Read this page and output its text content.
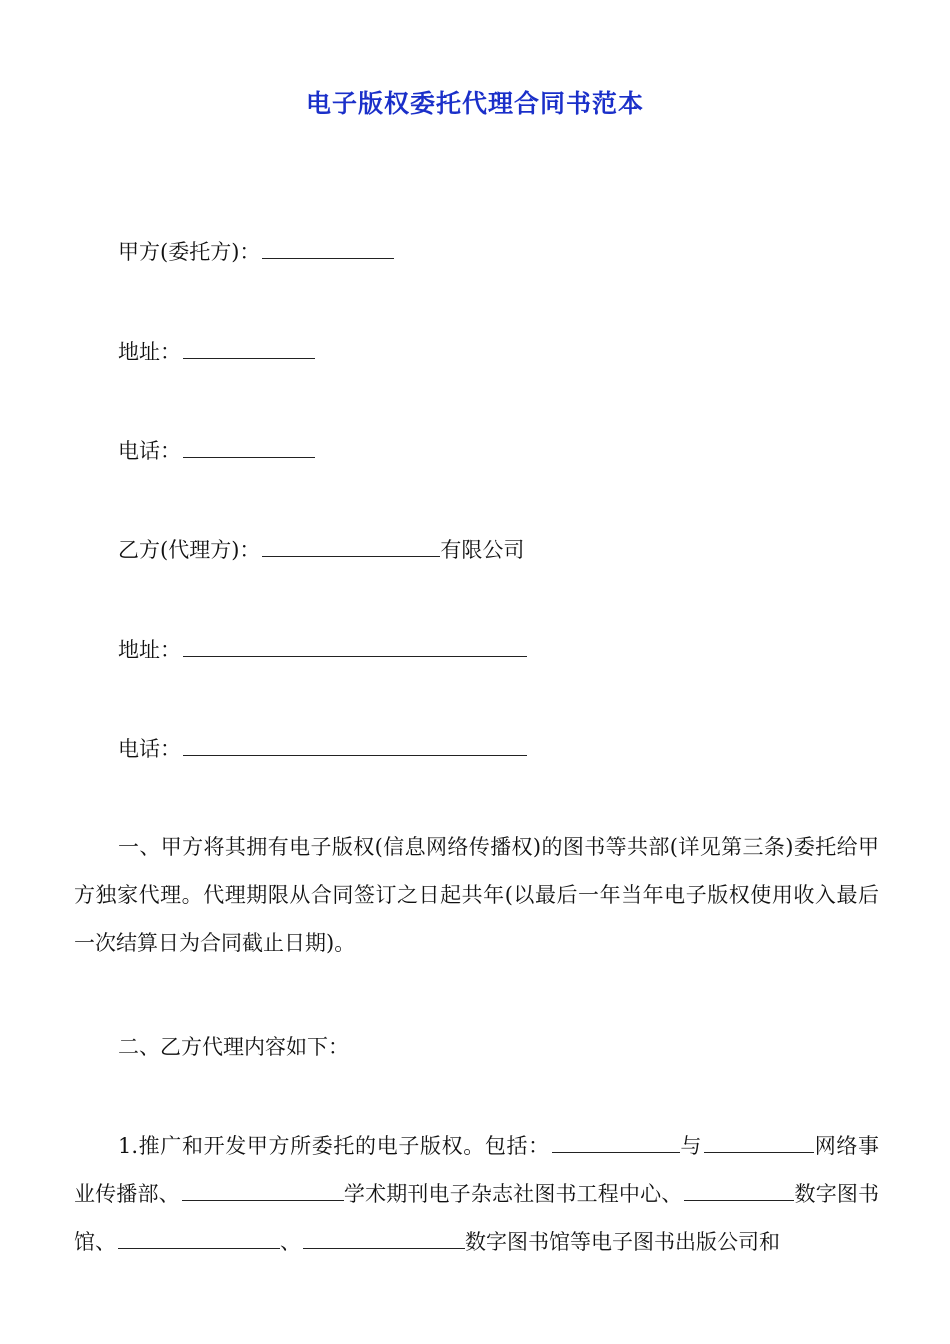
电子版权委托代理合同书范本
甲方(委托方)：
地址：
电话：
乙方(代理方)：	有限公司
地址：
电话：

一、甲方将其拥有电子版权(信息网络传播权)的图书等共部(详见第三条)委托给甲方独家代理。代理期限从合同签订之日起共年(以最后一年当年电子版权使用收入最后一次结算日为合同截止日期)。

二、乙方代理内容如下：

1.推广和开发甲方所委托的电子版权。包括：	与	网络事业传播部、	学术期刊电子杂志社图书工程中心、	数字图书馆、	、	数字图书馆等电子图书出版公司和
